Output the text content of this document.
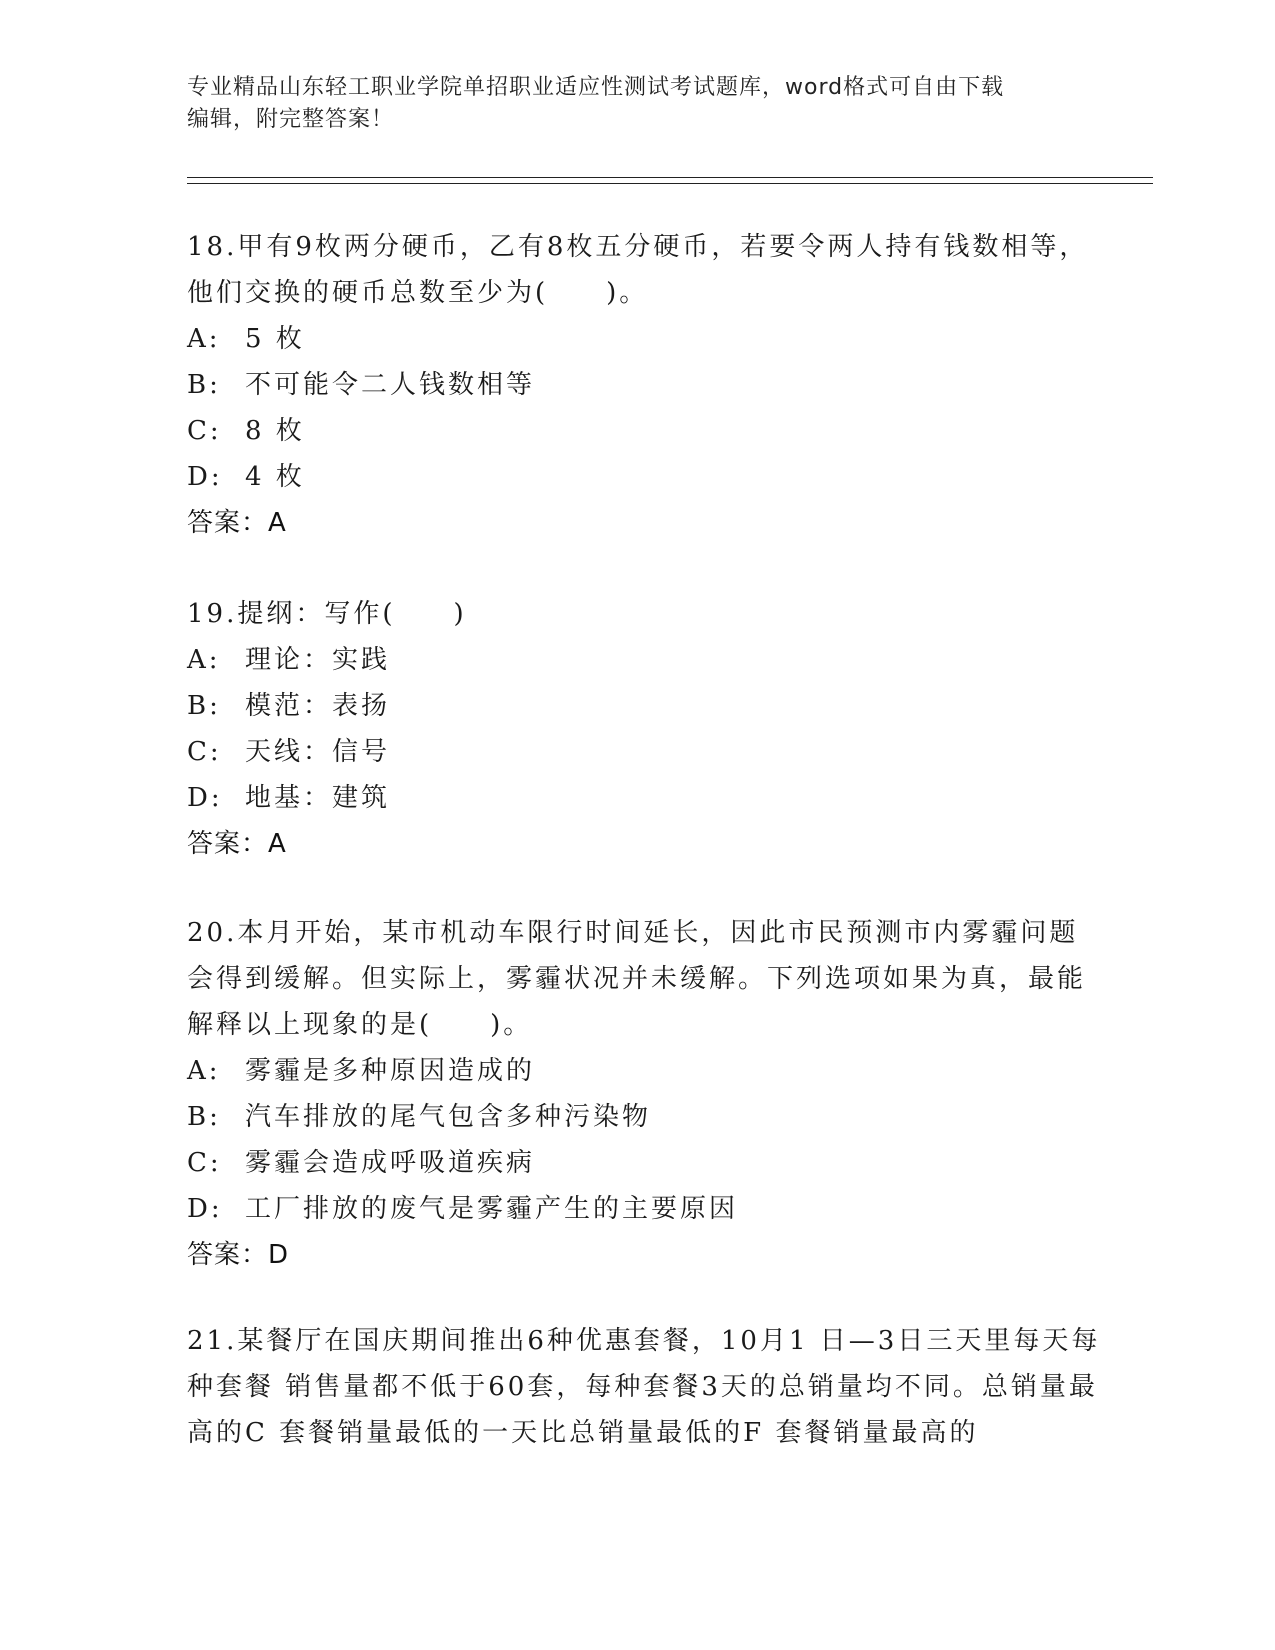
专业精品山东轻工职业学院单招职业适应性测试考试题库，word格式可自由下载
编辑，附完整答案！
18.甲有9枚两分硬币，乙有8枚五分硬币，若要令两人持有钱数相等，他们交换的硬币总数至少为(　　)。
A: 5 枚
B: 不可能令二人钱数相等
C: 8 枚
D: 4 枚
答案：A
19.提纲：写作(　　)
A: 理论：实践
B: 模范：表扬
C: 天线：信号
D: 地基：建筑
答案：A
20.本月开始，某市机动车限行时间延长，因此市民预测市内雾霾问题会得到缓解。但实际上，雾霾状况并未缓解。下列选项如果为真，最能解释以上现象的是(　　)。
A: 雾霾是多种原因造成的
B: 汽车排放的尾气包含多种污染物
C: 雾霾会造成呼吸道疾病
D: 工厂排放的废气是雾霾产生的主要原因
答案：D
21.某餐厅在国庆期间推出6种优惠套餐，10月1 日—3日三天里每天每种套餐 销售量都不低于60套，每种套餐3天的总销量均不同。总销量最高的C 套餐销量最低的一天比总销量最低的F 套餐销量最高的
